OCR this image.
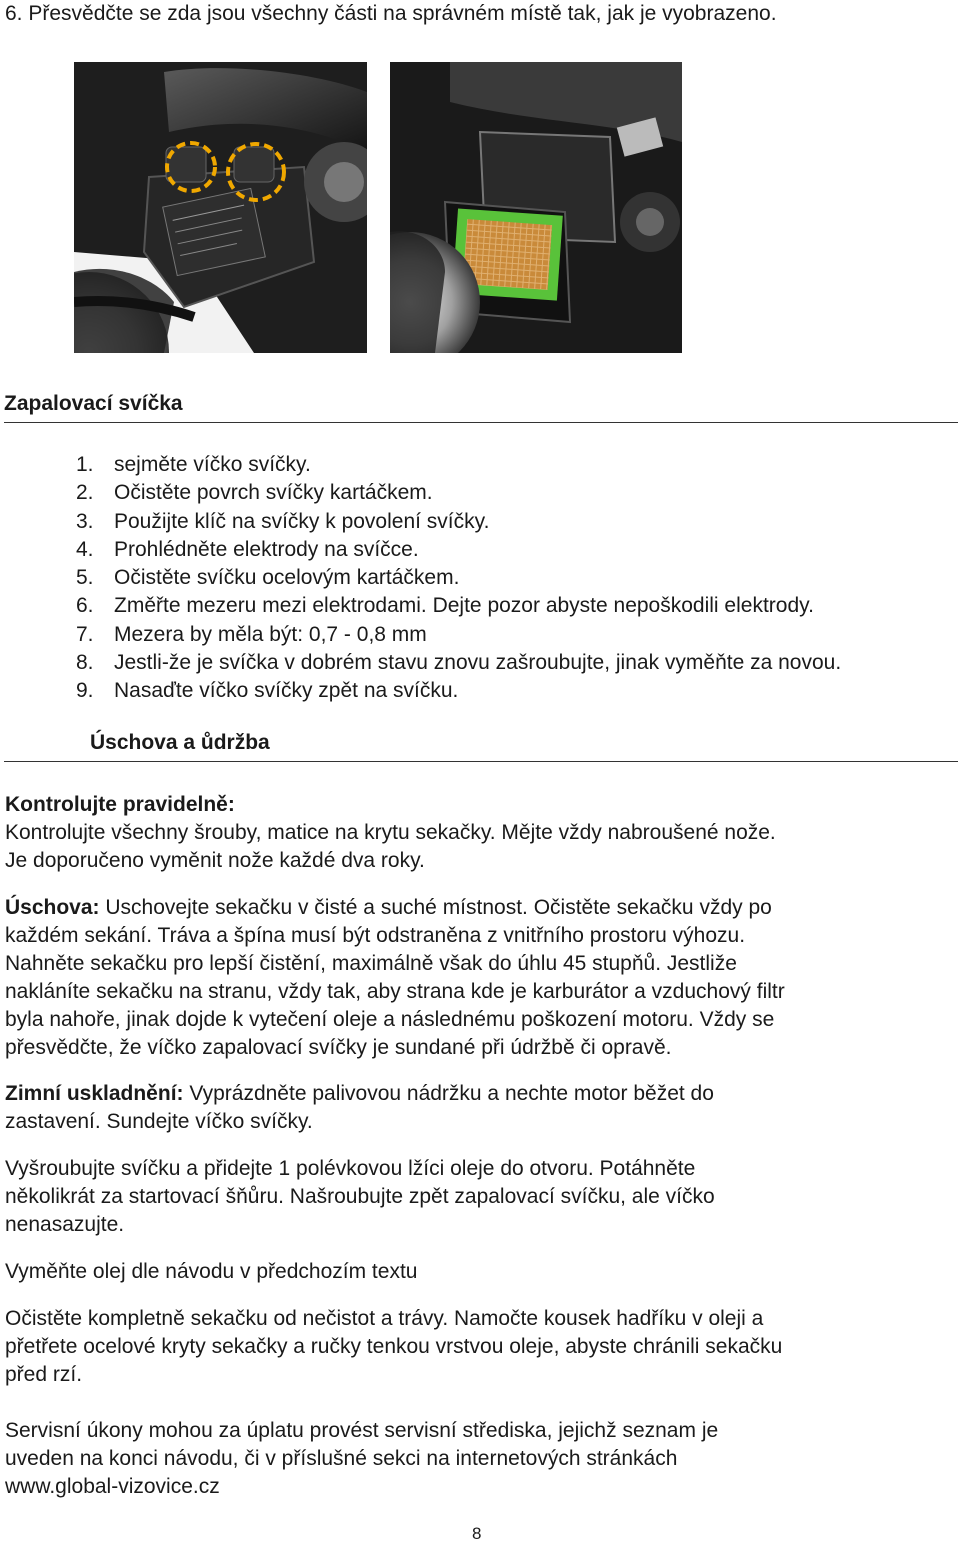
6. Přesvědčte se zda jsou všechny části na správném místě tak, jak je vyobrazeno.
Zapalovací svíčka
1. sejměte víčko svíčky.
2. Očistěte povrch svíčky kartáčkem.
3. Použijte klíč na svíčky k povolení svíčky.
4. Prohlédněte elektrody na svíčce.
5. Očistěte svíčku ocelovým kartáčkem.
6. Změřte mezeru mezi elektrodami. Dejte pozor abyste nepoškodili elektrody.
7. Mezera by měla být: 0,7 - 0,8 mm
8. Jestli-že je svíčka v dobrém stavu znovu zašroubujte, jinak vyměňte za novou.
9. Nasaďte víčko svíčky zpět na svíčku.
Úschova a ůdržba
Kontrolujte pravidelně:
Kontrolujte všechny šrouby, matice na krytu sekačky. Mějte vždy nabroušené nože.
Je doporučeno vyměnit nože každé dva roky.
Úschova: Uschovejte sekačku v čisté a suché místnost. Očistěte sekačku vždy po
každém sekání. Tráva a špína musí být odstraněna z vnitřního prostoru výhozu.
Nahněte sekačku pro lepší čistění, maximálně však do úhlu 45 stupňů. Jestliže
nakláníte sekačku na stranu, vždy tak, aby strana kde je karburátor a vzduchový filtr
byla nahoře, jinak dojde k vytečení oleje a následnému poškození motoru. Vždy se
přesvědčte, že víčko zapalovací svíčky je sundané při údržbě či opravě.
Zimní uskladnění: Vyprázdněte palivovou nádržku a nechte motor běžet do
zastavení. Sundejte víčko svíčky.
Vyšroubujte svíčku a přidejte 1 polévkovou lžíci oleje do otvoru. Potáhněte
několikrát za startovací šňůru. Našroubujte zpět zapalovací svíčku, ale víčko
nenasazujte.
Vyměňte olej dle návodu v předchozím textu
Očistěte kompletně sekačku od nečistot a trávy. Namočte kousek hadříku v oleji a
přetřete ocelové kryty sekačky a ručky tenkou vrstvou oleje, abyste chránili sekačku
před rzí.
Servisní úkony mohou za úplatu provést servisní střediska, jejichž seznam je
uveden na konci návodu, či v příslušné sekci na internetových stránkách
www.global-vizovice.cz
8
